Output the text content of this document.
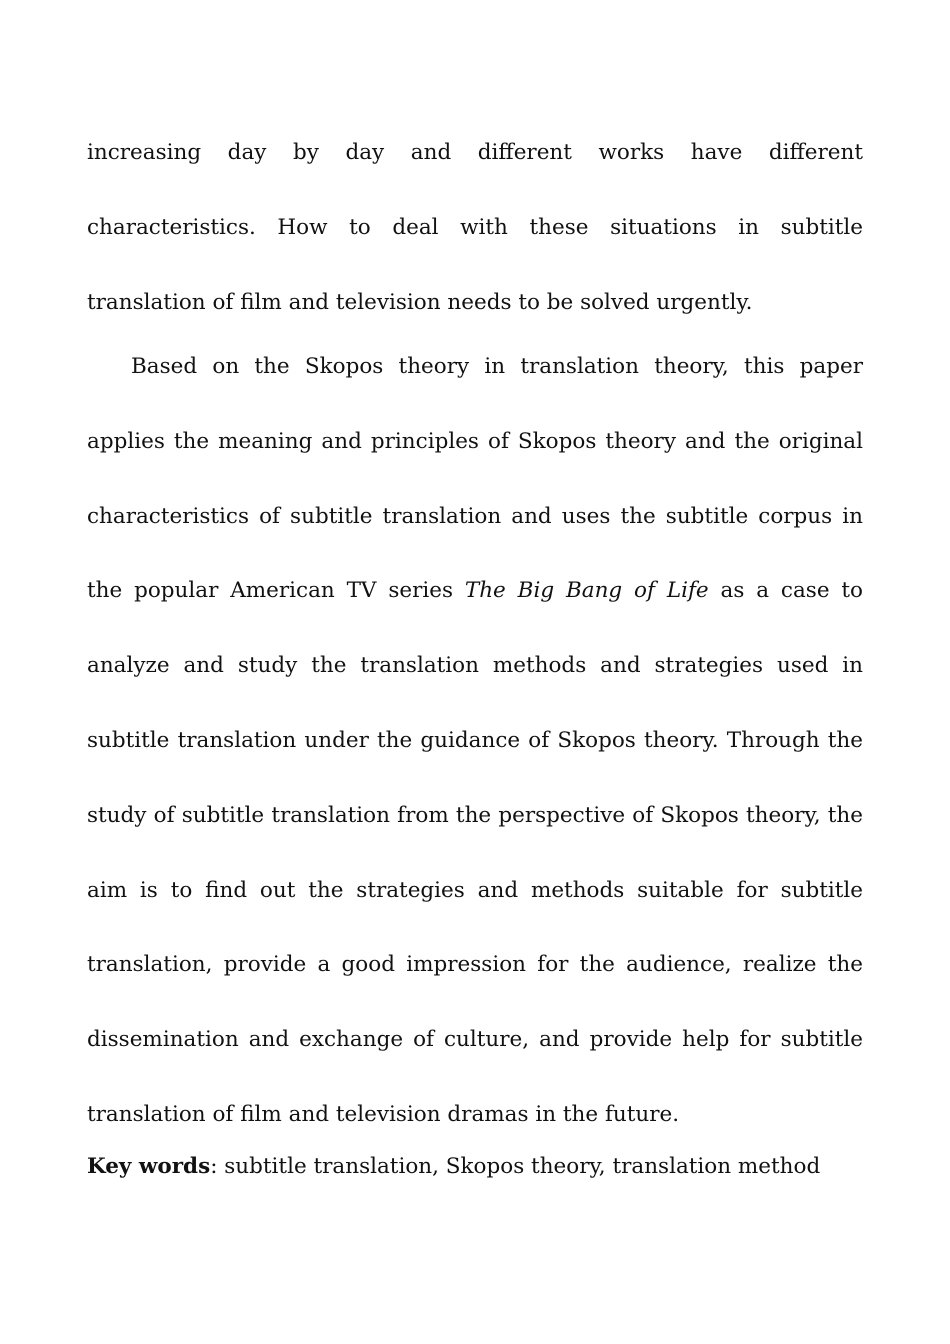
increasing day by day and different works have different characteristics. How to deal with these situations in subtitle translation of film and television needs to be solved urgently.

Based on the Skopos theory in translation theory, this paper applies the meaning and principles of Skopos theory and the original characteristics of subtitle translation and uses the subtitle corpus in the popular American TV series The Big Bang of Life as a case to analyze and study the translation methods and strategies used in subtitle translation under the guidance of Skopos theory. Through the study of subtitle translation from the perspective of Skopos theory, the aim is to find out the strategies and methods suitable for subtitle translation, provide a good impression for the audience, realize the dissemination and exchange of culture, and provide help for subtitle translation of film and television dramas in the future.

Key words: subtitle translation, Skopos theory, translation method
